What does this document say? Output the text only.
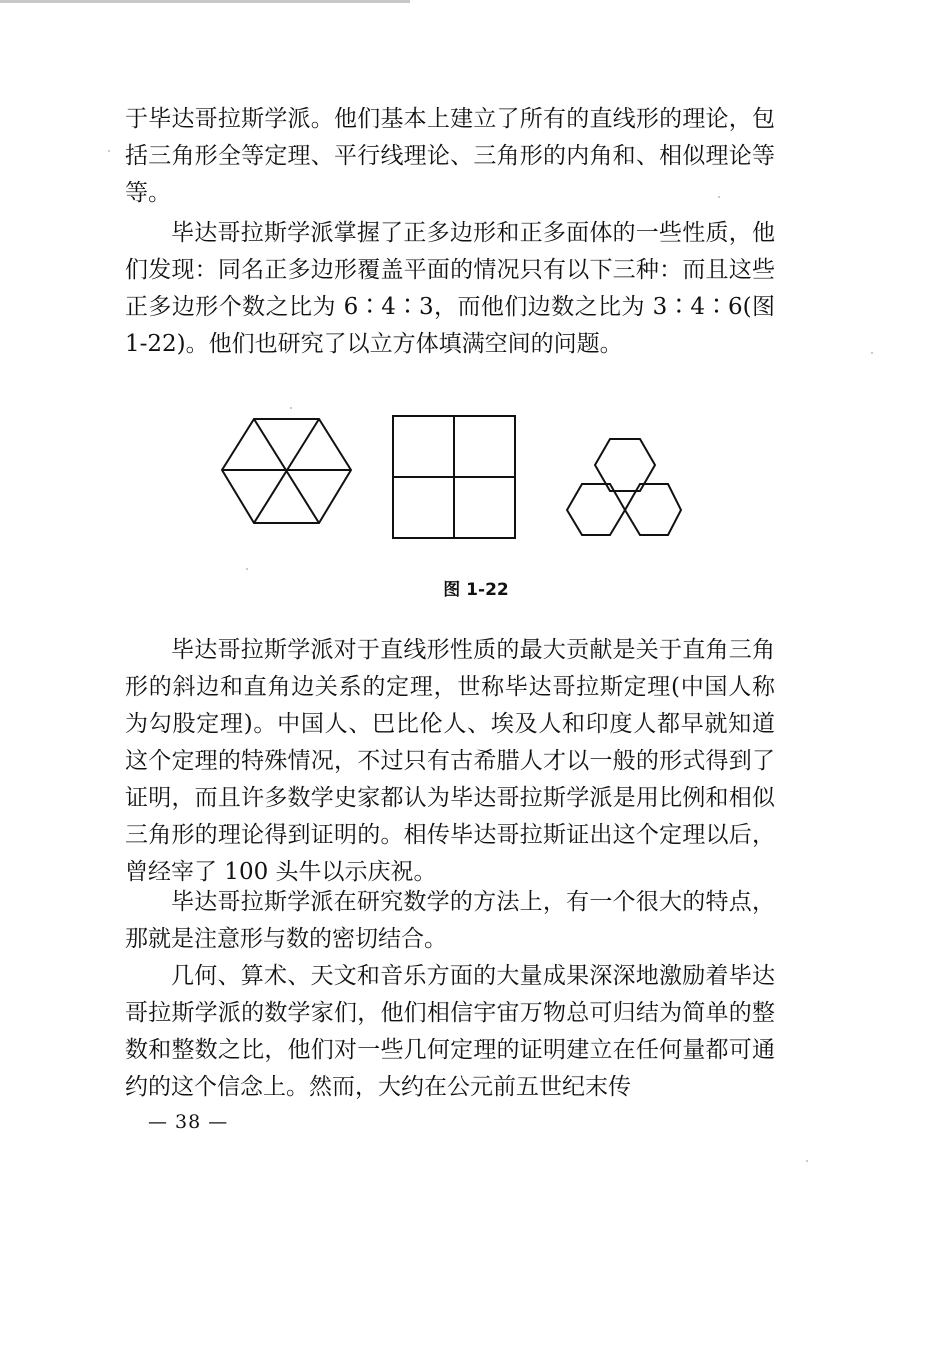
于毕达哥拉斯学派。他们基本上建立了所有的直线形的理论，包括三角形全等定理、平行线理论、三角形的内角和、相似理论等等。

毕达哥拉斯学派掌握了正多边形和正多面体的一些性质，他们发现：同名正多边形覆盖平面的情况只有以下三种：而且这些正多边形个数之比为 6∶4∶3，而他们边数之比为 3∶4∶6(图 1-22)。他们也研究了以立方体填满空间的问题。

图 1-22

毕达哥拉斯学派对于直线形性质的最大贡献是关于直角三角形的斜边和直角边关系的定理，世称毕达哥拉斯定理(中国人称为勾股定理)。中国人、巴比伦人、埃及人和印度人都早就知道这个定理的特殊情况，不过只有古希腊人才以一般的形式得到了证明，而且许多数学史家都认为毕达哥拉斯学派是用比例和相似三角形的理论得到证明的。相传毕达哥拉斯证出这个定理以后，曾经宰了 100 头牛以示庆祝。

毕达哥拉斯学派在研究数学的方法上，有一个很大的特点，那就是注意形与数的密切结合。

几何、算术、天文和音乐方面的大量成果深深地激励着毕达哥拉斯学派的数学家们，他们相信宇宙万物总可归结为简单的整数和整数之比，他们对一些几何定理的证明建立在任何量都可通约的这个信念上。然而，大约在公元前五世纪末传

— 38 —
